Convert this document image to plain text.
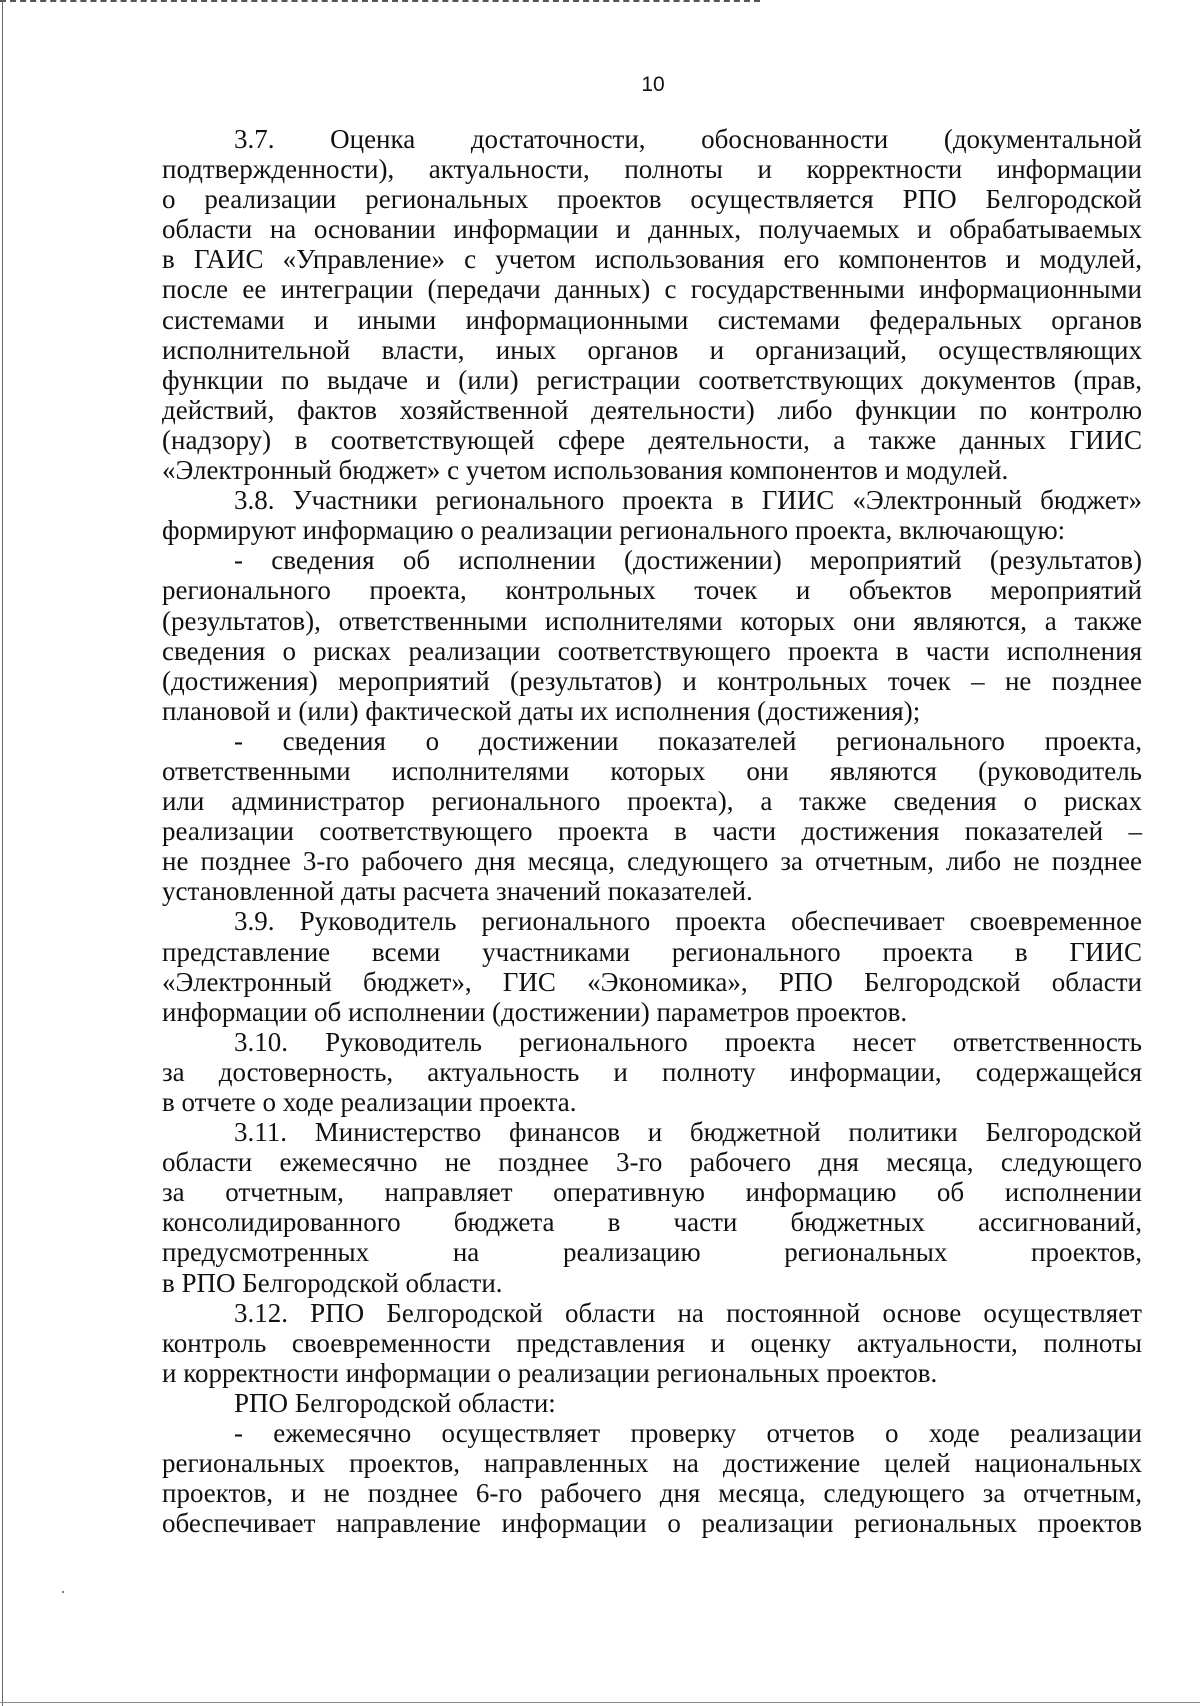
10
3.7. Оценка достаточности, обоснованности (документальной
подтвержденности), актуальности, полноты и корректности информации
о реализации региональных проектов осуществляется РПО Белгородской
области на основании информации и данных, получаемых и обрабатываемых
в ГАИС «Управление» с учетом использования его компонентов и модулей,
после ее интеграции (передачи данных) с государственными информационными
системами и иными информационными системами федеральных органов
исполнительной власти, иных органов и организаций, осуществляющих
функции по выдаче и (или) регистрации соответствующих документов (прав,
действий, фактов хозяйственной деятельности) либо функции по контролю
(надзору) в соответствующей сфере деятельности, а также данных ГИИС
«Электронный бюджет» с учетом использования компонентов и модулей.
3.8. Участники регионального проекта в ГИИС «Электронный бюджет»
формируют информацию о реализации регионального проекта, включающую:
- сведения об исполнении (достижении) мероприятий (результатов)
регионального проекта, контрольных точек и объектов мероприятий
(результатов), ответственными исполнителями которых они являются, а также
сведения о рисках реализации соответствующего проекта в части исполнения
(достижения) мероприятий (результатов) и контрольных точек – не позднее
плановой и (или) фактической даты их исполнения (достижения);
- сведения о достижении показателей регионального проекта,
ответственными исполнителями которых они являются (руководитель
или администратор регионального проекта), а также сведения о рисках
реализации соответствующего проекта в части достижения показателей –
не позднее 3-го рабочего дня месяца, следующего за отчетным, либо не позднее
установленной даты расчета значений показателей.
3.9. Руководитель регионального проекта обеспечивает своевременное
представление всеми участниками регионального проекта в ГИИС
«Электронный бюджет», ГИС «Экономика», РПО Белгородской области
информации об исполнении (достижении) параметров проектов.
3.10. Руководитель регионального проекта несет ответственность
за достоверность, актуальность и полноту информации, содержащейся
в отчете о ходе реализации проекта.
3.11. Министерство финансов и бюджетной политики Белгородской
области ежемесячно не позднее 3-го рабочего дня месяца, следующего
за отчетным, направляет оперативную информацию об исполнении
консолидированного бюджета в части бюджетных ассигнований,
предусмотренных на реализацию региональных проектов,
в РПО Белгородской области.
3.12. РПО Белгородской области на постоянной основе осуществляет
контроль своевременности представления и оценку актуальности, полноты
и корректности информации о реализации региональных проектов.
РПО Белгородской области:
- ежемесячно осуществляет проверку отчетов о ходе реализации
региональных проектов, направленных на достижение целей национальных
проектов, и не позднее 6-го рабочего дня месяца, следующего за отчетным,
обеспечивает направление информации о реализации региональных проектов
